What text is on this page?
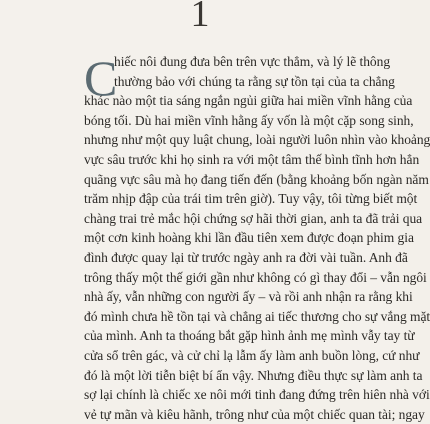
1
C
hiếc nôi đung đưa bên trên vực thẳm, và lý lẽ thông
thường bảo với chúng ta rằng sự tồn tại của ta chẳng
khác nào một tia sáng ngắn ngủi giữa hai miền vĩnh hằng của
bóng tối. Dù hai miền vĩnh hằng ấy vốn là một cặp song sinh,
nhưng như một quy luật chung, loài người luôn nhìn vào khoảng
vực sâu trước khi họ sinh ra với một tâm thế bình tĩnh hơn hẳn
quãng vực sâu mà họ đang tiến đến (bằng khoảng bốn ngàn năm
trăm nhịp đập của trái tim trên giờ). Tuy vậy, tôi từng biết một
chàng trai trẻ mắc hội chứng sợ hãi thời gian, anh ta đã trải qua
một cơn kinh hoàng khi lần đầu tiên xem được đoạn phim gia
đình được quay lại từ trước ngày anh ra đời vài tuần. Anh đã
trông thấy một thế giới gần như không có gì thay đổi – vẫn ngôi
nhà ấy, vẫn những con người ấy – và rồi anh nhận ra rằng khi
đó mình chưa hề tồn tại và chẳng ai tiếc thương cho sự vắng mặt
của mình. Anh ta thoáng bắt gặp hình ảnh mẹ mình vẫy tay từ
cửa sổ trên gác, và cử chỉ lạ lẫm ấy làm anh buồn lòng, cứ như
đó là một lời tiễn biệt bí ẩn vậy. Nhưng điều thực sự làm anh ta
sợ lại chính là chiếc xe nôi mới tinh đang đứng trên hiên nhà với
vẻ tự mãn và kiêu hãnh, trông như của một chiếc quan tài; ngay
